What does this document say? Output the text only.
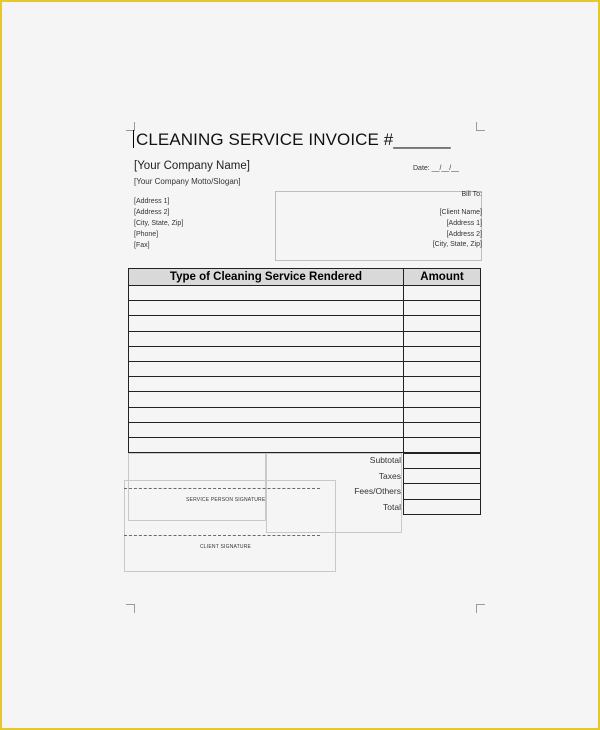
CLEANING SERVICE INVOICE #______
[Your Company Name]
[Your Company Motto/Slogan]
Date: __/__/__
[Address 1]
[Address 2]
[City, State, Zip]
[Phone]
[Fax]
Bill To:
[Client Name]
[Address 1]
[Address 2]
[City, State, Zip]
Type of Cleaning Service Rendered	Amount
Subtotal
Taxes
Fees/Others
Total
SERVICE PERSON SIGNATURE
CLIENT SIGNATURE
